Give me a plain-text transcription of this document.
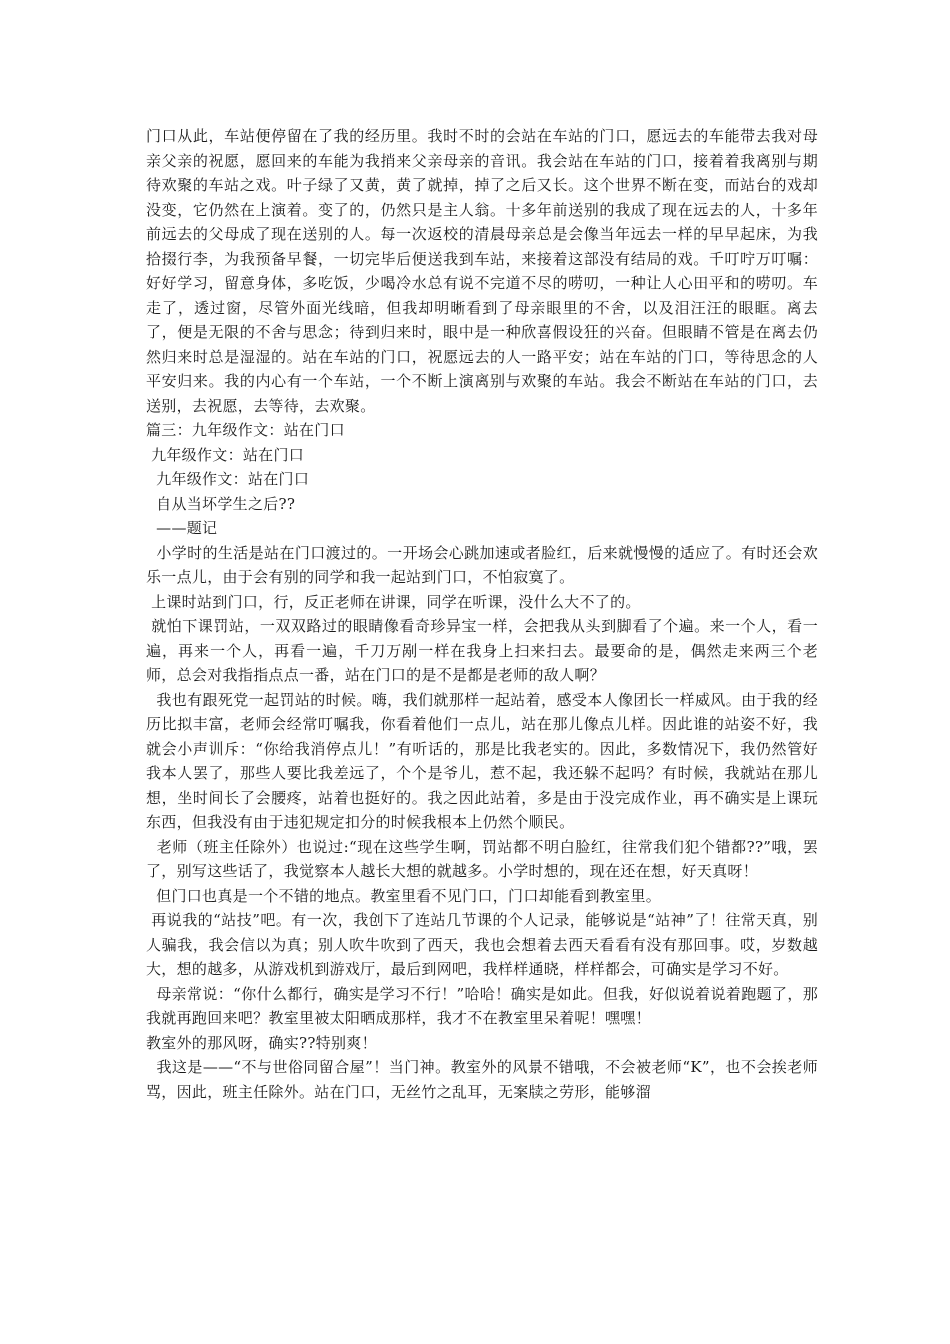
门口从此，车站便停留在了我的经历里。我时不时的会站在车站的门口，愿远去的车能带去我对母亲父亲的祝愿，愿回来的车能为我捎来父亲母亲的音讯。我会站在车站的门口，接着着我离别与期待欢聚的车站之戏。叶子绿了又黄，黄了就掉，掉了之后又长。这个世界不断在变，而站台的戏却没变，它仍然在上演着。变了的，仍然只是主人翁。十多年前送别的我成了现在远去的人，十多年前远去的父母成了现在送别的人。每一次返校的清晨母亲总是会像当年远去一样的早早起床，为我拾掇行李，为我预备早餐，一切完毕后便送我到车站，来接着这部没有结局的戏。千叮咛万叮嘱：好好学习，留意身体，多吃饭，少喝冷水总有说不完道不尽的唠叨，一种让人心田平和的唠叨。车走了，透过窗，尽管外面光线暗，但我却明晰看到了母亲眼里的不舍，以及泪汪汪的眼眶。离去了，便是无限的不舍与思念；待到归来时，眼中是一种欣喜假设狂的兴奋。但眼睛不管是在离去仍然归来时总是湿湿的。站在车站的门口，祝愿远去的人一路平安；站在车站的门口，等待思念的人平安归来。我的内心有一个车站，一个不断上演离别与欢聚的车站。我会不断站在车站的门口，去送别，去祝愿，去等待，去欢聚。

篇三：九年级作文：站在门口

九年级作文：站在门口

九年级作文：站在门口

自从当坏学生之后??

——题记

小学时的生活是站在门口渡过的。一开场会心跳加速或者脸红，后来就慢慢的适应了。有时还会欢乐一点儿，由于会有别的同学和我一起站到门口，不怕寂寞了。

上课时站到门口，行，反正老师在讲课，同学在听课，没什么大不了的。

就怕下课罚站，一双双路过的眼睛像看奇珍异宝一样，会把我从头到脚看了个遍。来一个人，看一遍，再来一个人，再看一遍，千刀万剐一样在我身上扫来扫去。最要命的是，偶然走来两三个老师，总会对我指指点点一番，站在门口的是不是都是老师的敌人啊？

我也有跟死党一起罚站的时候。嗨，我们就那样一起站着，感受本人像团长一样威风。由于我的经历比拟丰富，老师会经常叮嘱我，你看着他们一点儿，站在那儿像点儿样。因此谁的站姿不好，我就会小声训斥：“你给我消停点儿！”有听话的，那是比我老实的。因此，多数情况下，我仍然管好我本人罢了，那些人要比我差远了，个个是爷儿，惹不起，我还躲不起吗？有时候，我就站在那儿想，坐时间长了会腰疼，站着也挺好的。我之因此站着，多是由于没完成作业，再不确实是上课玩东西，但我没有由于违犯规定扣分的时候我根本上仍然个顺民。

老师（班主任除外）也说过:“现在这些学生啊，罚站都不明白脸红，往常我们犯个错都??”哦，罢了，别写这些话了，我觉察本人越长大想的就越多。小学时想的，现在还在想，好天真呀！

但门口也真是一个不错的地点。教室里看不见门口，门口却能看到教室里。

再说我的“站技”吧。有一次，我创下了连站几节课的个人记录，能够说是“站神”了！往常天真，别人骗我，我会信以为真；别人吹牛吹到了西天，我也会想着去西天看看有没有那回事。哎，岁数越大，想的越多，从游戏机到游戏厅，最后到网吧，我样样通晓，样样都会，可确实是学习不好。

母亲常说：“你什么都行，确实是学习不行！”哈哈！确实是如此。但我，好似说着说着跑题了，那我就再跑回来吧？教室里被太阳晒成那样，我才不在教室里呆着呢！嘿嘿！

教室外的那风呀，确实??特别爽！

我这是——“不与世俗同留合屋”！当门神。教室外的风景不错哦，不会被老师“K”，也不会挨老师骂，因此，班主任除外。站在门口，无丝竹之乱耳，无案牍之劳形，能够溜
